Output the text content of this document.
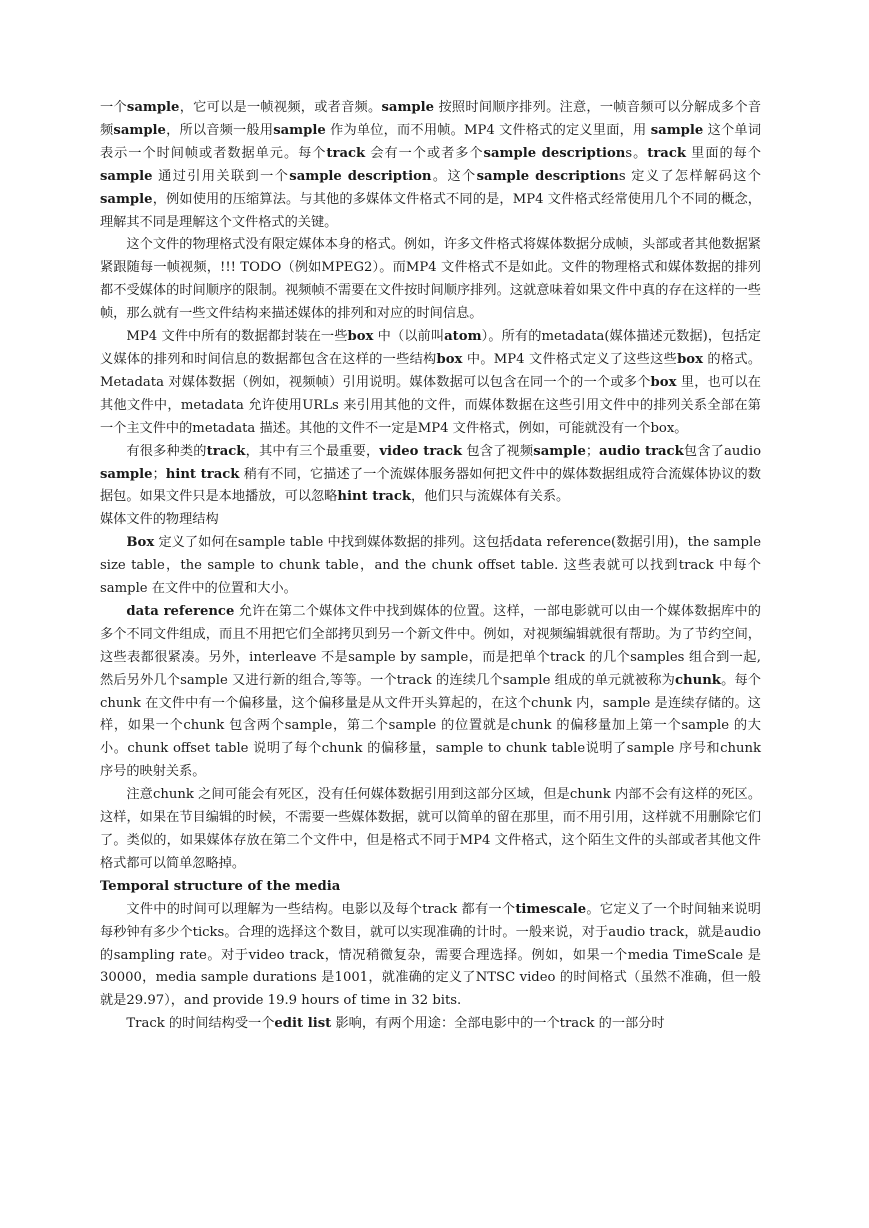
一个sample，它可以是一帧视频，或者音频。sample 按照时间顺序排列。注意，一帧音频可以分解成多个音频sample，所以音频一般用sample 作为单位，而不用帧。MP4 文件格式的定义里面，用 sample 这个单词表示一个时间帧或者数据单元。每个track 会有一个或者多个sample descriptions。track 里面的每个sample 通过引用关联到一个sample description。这个sample descriptions 定义了怎样解码这个sample，例如使用的压缩算法。与其他的多媒体文件格式不同的是，MP4 文件格式经常使用几个不同的概念，理解其不同是理解这个文件格式的关键。

这个文件的物理格式没有限定媒体本身的格式。例如，许多文件格式将媒体数据分成帧，头部或者其他数据紧紧跟随每一帧视频，!!! TODO（例如MPEG2）。而MP4 文件格式不是如此。文件的物理格式和媒体数据的排列都不受媒体的时间顺序的限制。视频帧不需要在文件按时间顺序排列。这就意味着如果文件中真的存在这样的一些帧，那么就有一些文件结构来描述媒体的排列和对应的时间信息。

MP4 文件中所有的数据都封装在一些box 中（以前叫atom）。所有的metadata(媒体描述元数据)，包括定义媒体的排列和时间信息的数据都包含在这样的一些结构box 中。MP4 文件格式定义了这些这些box 的格式。Metadata 对媒体数据（例如，视频帧）引用说明。媒体数据可以包含在同一个的一个或多个box 里，也可以在其他文件中，metadata 允许使用URLs 来引用其他的文件，而媒体数据在这些引用文件中的排列关系全部在第一个主文件中的metadata 描述。其他的文件不一定是MP4 文件格式，例如，可能就没有一个box。

有很多种类的track，其中有三个最重要，video track 包含了视频sample；audio track包含了audio sample；hint track 稍有不同，它描述了一个流媒体服务器如何把文件中的媒体数据组成符合流媒体协议的数据包。如果文件只是本地播放，可以忽略hint track，他们只与流媒体有关系。

媒体文件的物理结构

Box 定义了如何在sample table 中找到媒体数据的排列。这包括data reference(数据引用)，the sample size table，the sample to chunk table，and the chunk offset table. 这些表就可以找到track 中每个sample 在文件中的位置和大小。

data reference 允许在第二个媒体文件中找到媒体的位置。这样，一部电影就可以由一个媒体数据库中的多个不同文件组成，而且不用把它们全部拷贝到另一个新文件中。例如，对视频编辑就很有帮助。为了节约空间，这些表都很紧凑。另外，interleave 不是sample by sample，而是把单个track 的几个samples 组合到一起,然后另外几个sample 又进行新的组合,等等。一个track 的连续几个sample 组成的单元就被称为chunk。每个chunk 在文件中有一个偏移量，这个偏移量是从文件开头算起的，在这个chunk 内，sample 是连续存储的。这样，如果一个chunk 包含两个sample，第二个sample 的位置就是chunk 的偏移量加上第一个sample 的大小。chunk offset table 说明了每个chunk 的偏移量，sample to chunk table说明了sample 序号和chunk 序号的映射关系。

注意chunk 之间可能会有死区，没有任何媒体数据引用到这部分区域，但是chunk 内部不会有这样的死区。这样，如果在节目编辑的时候，不需要一些媒体数据，就可以简单的留在那里，而不用引用，这样就不用删除它们了。类似的，如果媒体存放在第二个文件中，但是格式不同于MP4 文件格式，这个陌生文件的头部或者其他文件格式都可以简单忽略掉。

Temporal structure of the media

文件中的时间可以理解为一些结构。电影以及每个track 都有一个timescale。它定义了一个时间轴来说明每秒钟有多少个ticks。合理的选择这个数目，就可以实现准确的计时。一般来说，对于audio track，就是audio 的sampling rate。对于video track，情况稍微复杂，需要合理选择。例如，如果一个media TimeScale 是30000，media sample durations 是1001，就准确的定义了NTSC video 的时间格式（虽然不准确，但一般就是29.97），and provide 19.9 hours of time in 32 bits.

Track 的时间结构受一个edit list 影响，有两个用途：全部电影中的一个track 的一部分时
